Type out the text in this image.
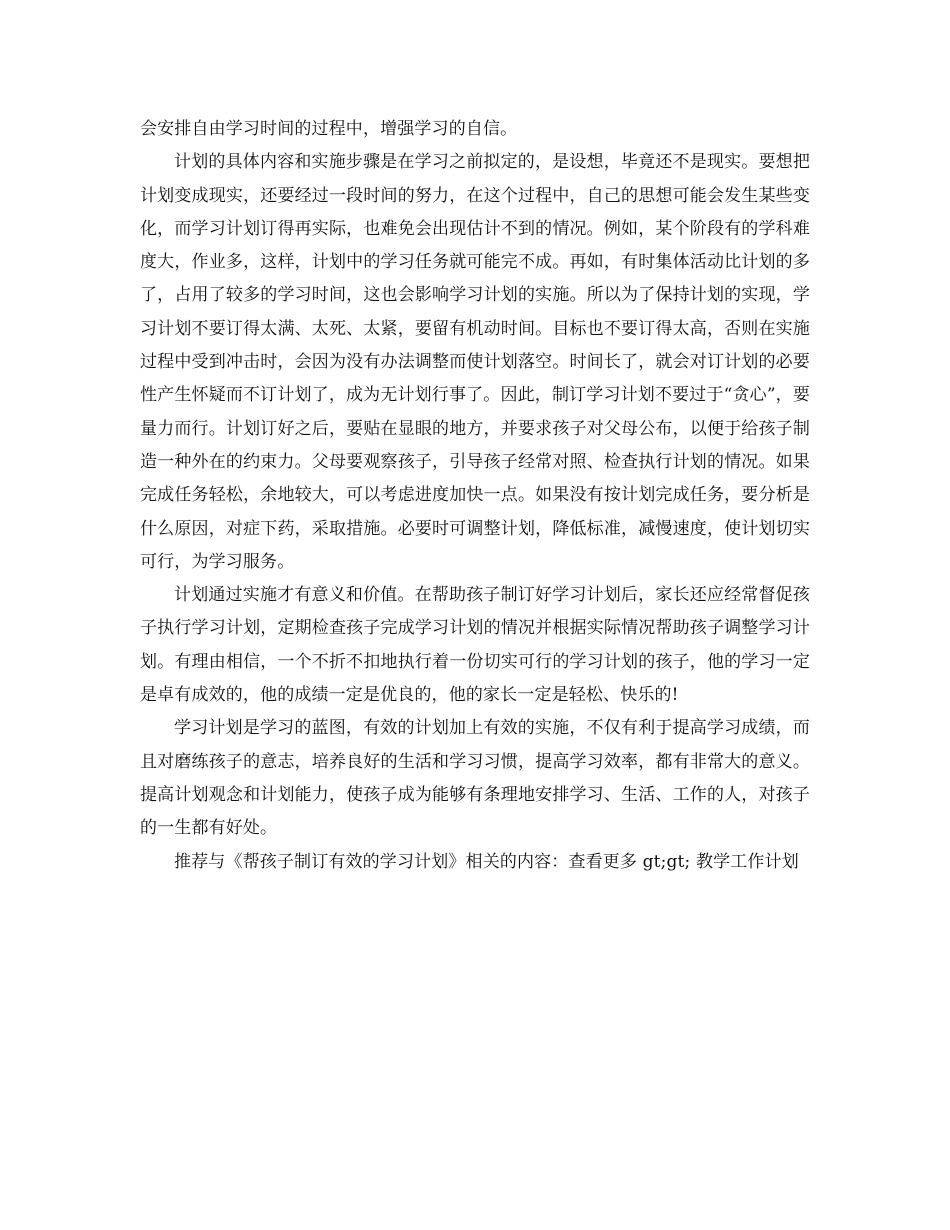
会安排自由学习时间的过程中，增强学习的自信。

计划的具体内容和实施步骤是在学习之前拟定的，是设想，毕竟还不是现实。要想把计划变成现实，还要经过一段时间的努力，在这个过程中，自己的思想可能会发生某些变化，而学习计划订得再实际，也难免会出现估计不到的情况。例如，某个阶段有的学科难度大，作业多，这样，计划中的学习任务就可能完不成。再如，有时集体活动比计划的多了，占用了较多的学习时间，这也会影响学习计划的实施。所以为了保持计划的实现，学习计划不要订得太满、太死、太紧，要留有机动时间。目标也不要订得太高，否则在实施过程中受到冲击时，会因为没有办法调整而使计划落空。时间长了，就会对订计划的必要性产生怀疑而不订计划了，成为无计划行事了。因此，制订学习计划不要过于“贪心”，要量力而行。计划订好之后，要贴在显眼的地方，并要求孩子对父母公布，以便于给孩子制造一种外在的约束力。父母要观察孩子，引导孩子经常对照、检查执行计划的情况。如果完成任务轻松，余地较大，可以考虑进度加快一点。如果没有按计划完成任务，要分析是什么原因，对症下药，采取措施。必要时可调整计划，降低标准，减慢速度，使计划切实可行，为学习服务。

计划通过实施才有意义和价值。在帮助孩子制订好学习计划后，家长还应经常督促孩子执行学习计划，定期检查孩子完成学习计划的情况并根据实际情况帮助孩子调整学习计划。有理由相信，一个不折不扣地执行着一份切实可行的学习计划的孩子，他的学习一定是卓有成效的，他的成绩一定是优良的，他的家长一定是轻松、快乐的!

学习计划是学习的蓝图，有效的计划加上有效的实施，不仅有利于提高学习成绩，而且对磨练孩子的意志，培养良好的生活和学习习惯，提高学习效率，都有非常大的意义。提高计划观念和计划能力，使孩子成为能够有条理地安排学习、生活、工作的人，对孩子的一生都有好处。

推荐与《帮孩子制订有效的学习计划》相关的内容：查看更多 gt;gt; 教学工作计划
